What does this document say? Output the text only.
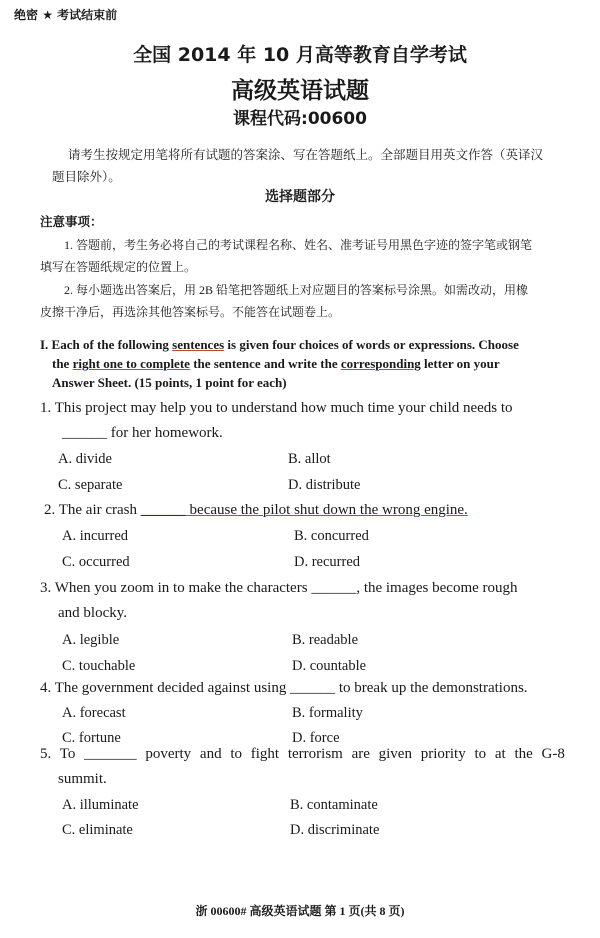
绝密 ★ 考试结束前
全国 2014 年 10 月高等教育自学考试
高级英语试题
课程代码:00600
请考生按规定用笔将所有试题的答案涂、写在答题纸上。全部题目用英文作答（英译汉
题目除外）。
选择题部分
注意事项：
1. 答题前，考生务必将自己的考试课程名称、姓名、准考证号用黑色字迹的签字笔或钢笔
填写在答题纸规定的位置上。
2. 每小题选出答案后，用 2B 铅笔把答题纸上对应题目的答案标号涂黑。如需改动，用橡
皮擦干净后，再选涂其他答案标号。不能答在试题卷上。
I. Each of the following sentences is given four choices of words or expressions. Choose
the right one to complete the sentence and write the corresponding letter on your
Answer Sheet. (15 points, 1 point for each)
1. This project may help you to understand how much time your child needs to
______ for her homework.
A. divide	B. allot
C. separate	D. distribute
2. The air crash ______ because the pilot shut down the wrong engine.
A. incurred	B. concurred
C. occurred	D. recurred
3. When you zoom in to make the characters ______, the images become rough
and blocky.
A. legible	B. readable
C. touchable	D. countable
4. The government decided against using ______ to break up the demonstrations.
A. forecast	B. formality
C. fortune	D. force
5. To _______ poverty and to fight terrorism are given priority to at the G-8
summit.
A. illuminate	B. contaminate
C. eliminate	D. discriminate
浙 00600# 高级英语试题 第 1 页(共 8 页)
